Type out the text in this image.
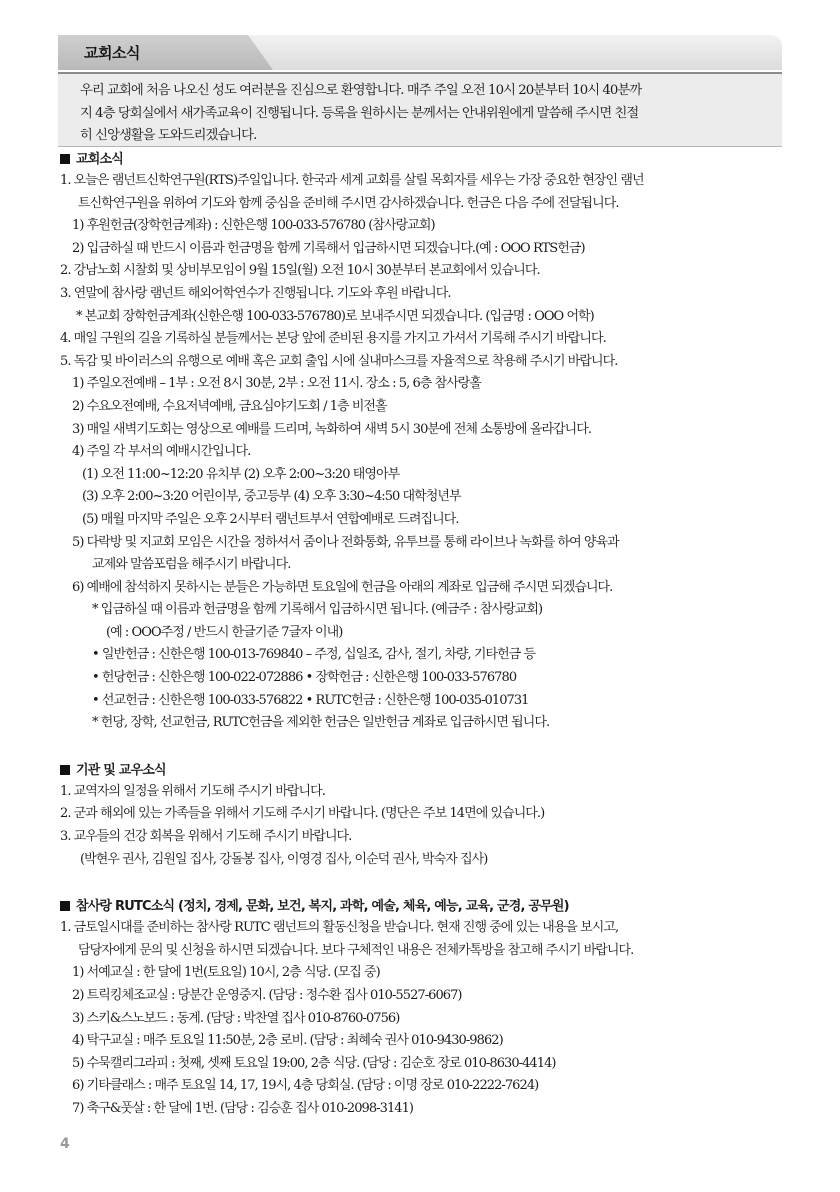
교회소식

우리 교회에 처음 나오신 성도 여러분을 진심으로 환영합니다. 매주 주일 오전 10시 20분부터 10시 40분까
지 4층 당회실에서 새가족교육이 진행됩니다. 등록을 원하시는 분께서는 안내위원에게 말씀해 주시면 친절
히 신앙생활을 도와드리겠습니다.

교회소식
1. 오늘은 램넌트신학연구원(RTS)주일입니다. 한국과 세계 교회를 살릴 목회자를 세우는 가장 중요한 현장인 램넌
트신학연구원을 위하여 기도와 함께 중심을 준비해 주시면 감사하겠습니다. 헌금은 다음 주에 전달됩니다.
1) 후원헌금(장학헌금계좌) : 신한은행 100-033-576780 (참사랑교회)
2) 입금하실 때 반드시 이름과 헌금명을 함께 기록해서 입금하시면 되겠습니다.(예 : OOO RTS헌금)
2. 강남노회 시찰회 및 상비부모임이 9월 15일(월) 오전 10시 30분부터 본교회에서 있습니다.
3. 연말에 참사랑 램넌트 해외어학연수가 진행됩니다. 기도와 후원 바랍니다.
* 본교회 장학헌금계좌(신한은행 100-033-576780)로 보내주시면 되겠습니다. (입금명 : OOO 어학)
4. 매일 구원의 길을 기록하실 분들께서는 본당 앞에 준비된 용지를 가지고 가셔서 기록해 주시기 바랍니다.
5. 독감 및 바이러스의 유행으로 예배 혹은 교회 출입 시에 실내마스크를 자율적으로 착용해 주시기 바랍니다.
1) 주일오전예배 – 1부 : 오전 8시 30분, 2부 : 오전 11시. 장소 : 5, 6층 참사랑홀
2) 수요오전예배, 수요저녁예배, 금요심야기도회 / 1층 비전홀
3) 매일 새벽기도회는 영상으로 예배를 드리며, 녹화하여 새벽 5시 30분에 전체 소통방에 올라갑니다.
4) 주일 각 부서의 예배시간입니다.
(1) 오전 11:00~12:20 유치부 (2) 오후 2:00~3:20 태영아부
(3) 오후 2:00~3:20 어린이부, 중고등부 (4) 오후 3:30~4:50 대학청년부
(5) 매월 마지막 주일은 오후 2시부터 램넌트부서 연합예배로 드려집니다.
5) 다락방 및 지교회 모임은 시간을 정하셔서 줌이나 전화통화, 유투브를 통해 라이브나 녹화를 하여 양육과
교제와 말씀포럼을 해주시기 바랍니다.
6) 예배에 참석하지 못하시는 분들은 가능하면 토요일에 헌금을 아래의 계좌로 입금해 주시면 되겠습니다.
* 입금하실 때 이름과 헌금명을 함께 기록해서 입금하시면 됩니다. (예금주 : 참사랑교회)
(예 : OOO주정 / 반드시 한글기준 7글자 이내)
• 일반헌금 : 신한은행 100-013-769840 – 주정, 십일조, 감사, 절기, 차량, 기타헌금 등
• 헌당헌금 : 신한은행 100-022-072886 • 장학헌금 : 신한은행 100-033-576780
• 선교헌금 : 신한은행 100-033-576822 • RUTC헌금 : 신한은행 100-035-010731
* 헌당, 장학, 선교헌금, RUTC헌금을 제외한 헌금은 일반헌금 계좌로 입금하시면 됩니다.
기관 및 교우소식
1. 교역자의 일정을 위해서 기도해 주시기 바랍니다.
2. 군과 해외에 있는 가족들을 위해서 기도해 주시기 바랍니다. (명단은 주보 14면에 있습니다.)
3. 교우들의 건강 회복을 위해서 기도해 주시기 바랍니다.
(박현우 권사, 김원일 집사, 강돌봉 집사, 이영경 집사, 이순덕 권사, 박숙자 집사)
참사랑 RUTC소식 (정치, 경제, 문화, 보건, 복지, 과학, 예술, 체육, 예능, 교육, 군경, 공무원)
1. 금토일시대를 준비하는 참사랑 RUTC 램넌트의 활동신청을 받습니다. 현재 진행 중에 있는 내용을 보시고,
담당자에게 문의 및 신청을 하시면 되겠습니다. 보다 구체적인 내용은 전체카톡방을 참고해 주시기 바랍니다.
1) 서예교실 : 한 달에 1번(토요일) 10시, 2층 식당. (모집 중)
2) 트릭킹체조교실 : 당분간 운영중지. (담당 : 정수환 집사 010-5527-6067)
3) 스키&스노보드 : 동계. (담당 : 박찬열 집사 010-8760-0756)
4) 탁구교실 : 매주 토요일 11:50분, 2층 로비. (담당 : 최혜숙 권사 010-9430-9862)
5) 수묵캘리그라피 : 첫째, 셋째 토요일 19:00, 2층 식당. (담당 : 김순호 장로 010-8630-4414)
6) 기타클래스 : 매주 토요일 14, 17, 19시, 4층 당회실. (담당 : 이명 장로 010-2222-7624)
7) 축구&풋살 : 한 달에 1번. (담당 : 김승훈 집사 010-2098-3141)
4
